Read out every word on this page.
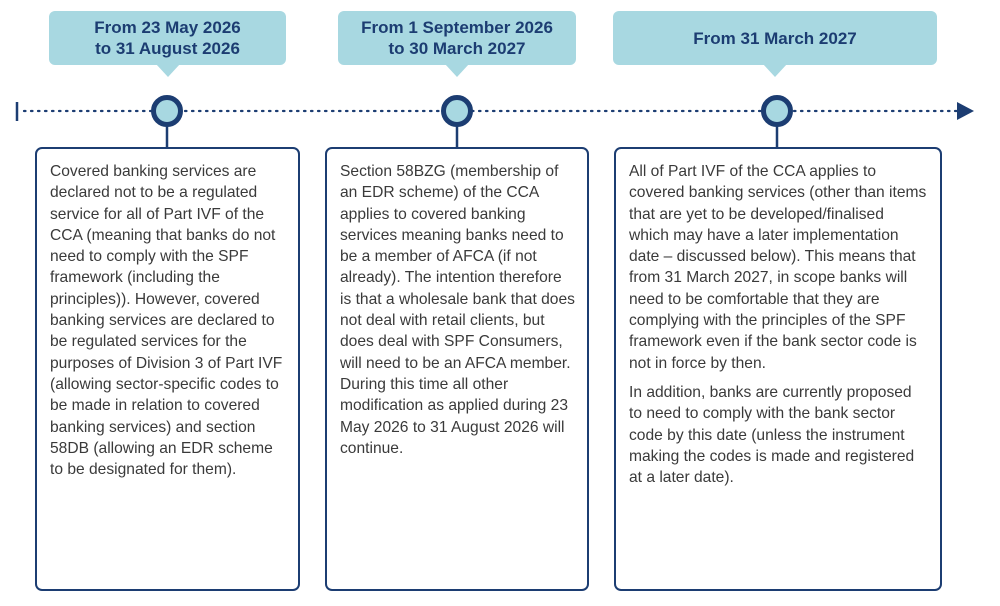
From 23 May 2026
to 31 August 2026

Covered banking services are declared not to be a regulated service for all of Part IVF of the CCA (meaning that banks do not need to comply with the SPF framework (including the principles)). However, covered banking services are declared to be regulated services for the purposes of Division 3 of Part IVF (allowing sector-specific codes to be made in relation to covered banking services) and section 58DB (allowing an EDR scheme to be designated for them).

From 1 September 2026
to 30 March 2027

Section 58BZG (membership of an EDR scheme) of the CCA applies to covered banking services meaning banks need to be a member of AFCA (if not already). The intention therefore is that a wholesale bank that does not deal with retail clients, but does deal with SPF Consumers, will need to be an AFCA member. During this time all other modification as applied during 23 May 2026 to 31 August 2026 will continue.

From 31 March 2027

All of Part IVF of the CCA applies to covered banking services (other than items that are yet to be developed/finalised which may have a later implementation date – discussed below). This means that from 31 March 2027, in scope banks will need to be comfortable that they are complying with the principles of the SPF framework even if the bank sector code is not in force by then.

In addition, banks are currently proposed to need to comply with the bank sector code by this date (unless the instrument making the codes is made and registered at a later date).
